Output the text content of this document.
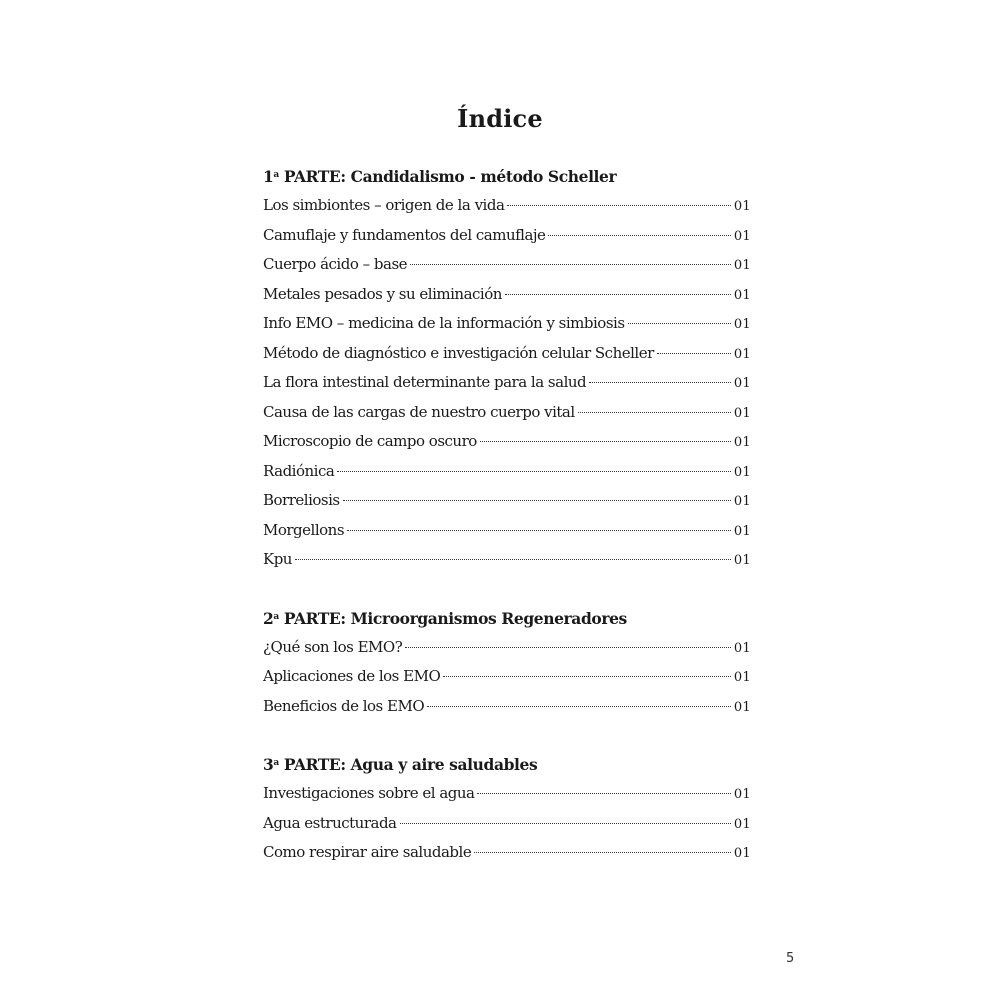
Índice
1$^a$ PARTE: Candidalismo - método Scheller
Los simbiontes – origen de la vida	01
Camuflaje y fundamentos del camuflaje	01
Cuerpo ácido – base	01
Metales pesados y su eliminación	01
Info EMO – medicina de la información y simbiosis	01
Método de diagnóstico e investigación celular Scheller	01
La flora intestinal determinante para la salud	01
Causa de las cargas de nuestro cuerpo vital	01
Microscopio de campo oscuro	01
Radiónica	01
Borreliosis	01
Morgellons	01
Kpu	01
2$^a$ PARTE: Microorganismos Regeneradores
¿Qué son los EMO?	01
Aplicaciones de los EMO	01
Beneficios de los EMO	01
3$^a$ PARTE: Agua y aire saludables
Investigaciones sobre el agua	01
Agua estructurada	01
Como respirar aire saludable	01
5
